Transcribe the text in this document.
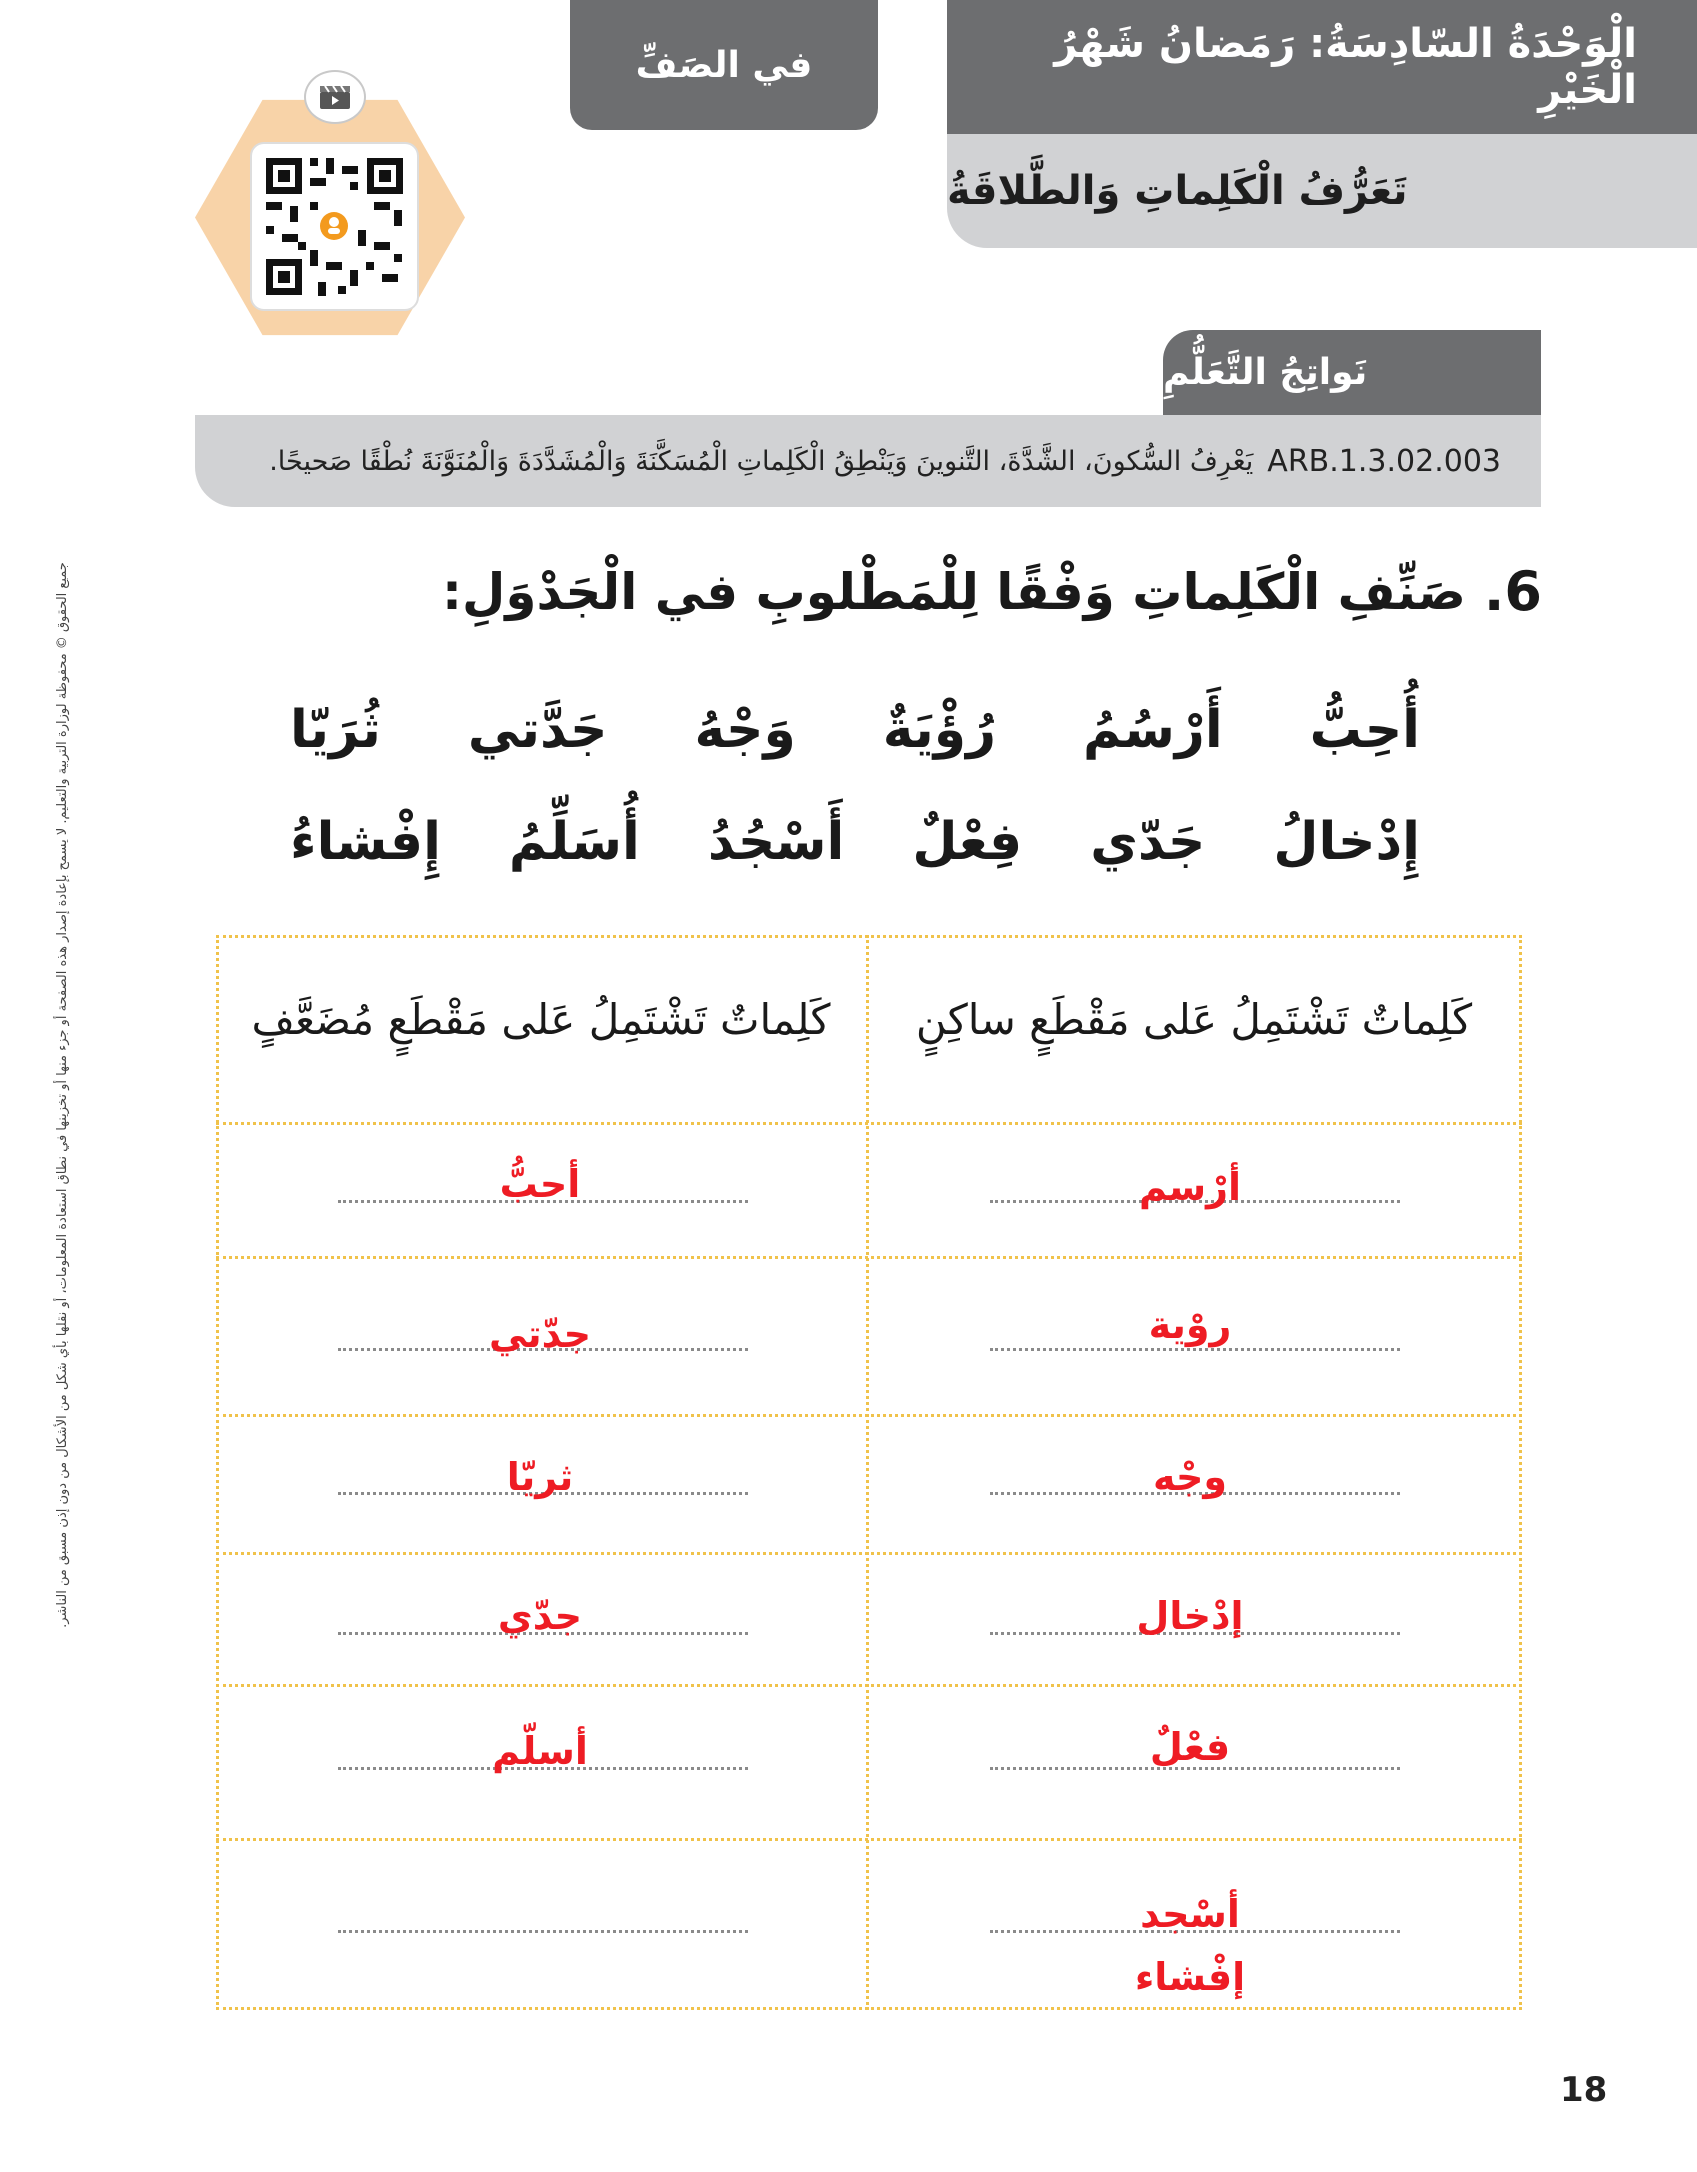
في الصَفِّ	الْوَحْدَةُ السّادِسَةُ: رَمَضانُ شَهْرُ الْخَيْرِ
تَعَرُّفُ الْكَلِماتِ وَالطَّلاقَةُ
نَواتِجُ التَّعَلُّمِ
ARB.1.3.02.003
يَعْرِفُ السُّكونَ، الشَّدَّةَ، التَّنوينَ وَيَنْطِقُ الْكَلِماتِ الْمُسَكَّنَةَ وَالْمُشَدَّدَةَ وَالْمُنَوَّنَةَ نُطْقًا صَحيحًا.
جميع الحقوق © محفوظة لوزارة التربية والتعليم. لا يسمح بإعادة إصدار هذه الصفحة أو جزء منها أو تخزينها في نطاق استعادة المعلومات، أو نقلها بأي شكل من الأشكال من دون إذن مسبق من الناشر.	6.
صَنِّفِ الْكَلِماتِ وَفْقًا لِلْمَطْلوبِ في الْجَدْوَلِ:
أُحِبُّ
أَرْسُمُ
رُؤْيَةٌ
وَجْهُ
جَدَّتي
ثُرَيّا
إِدْخالُ
جَدّي
فِعْلٌ
أَسْجُدُ
أُسَلِّمُ
إِفْشاءُ
كَلِماتٌ تَشْتَمِلُ عَلى مَقْطَعٍ ساكِنٍ
كَلِماتٌ تَشْتَمِلُ عَلى مَقْطَعٍ مُضَعَّفٍ
أرْسم
روْية
وجْه
إدْخال
فعْلٌ
أسْجد
إفْشاء
أحبُّ
جدّتي
ثريّا
جدّي
أسلّم
18
